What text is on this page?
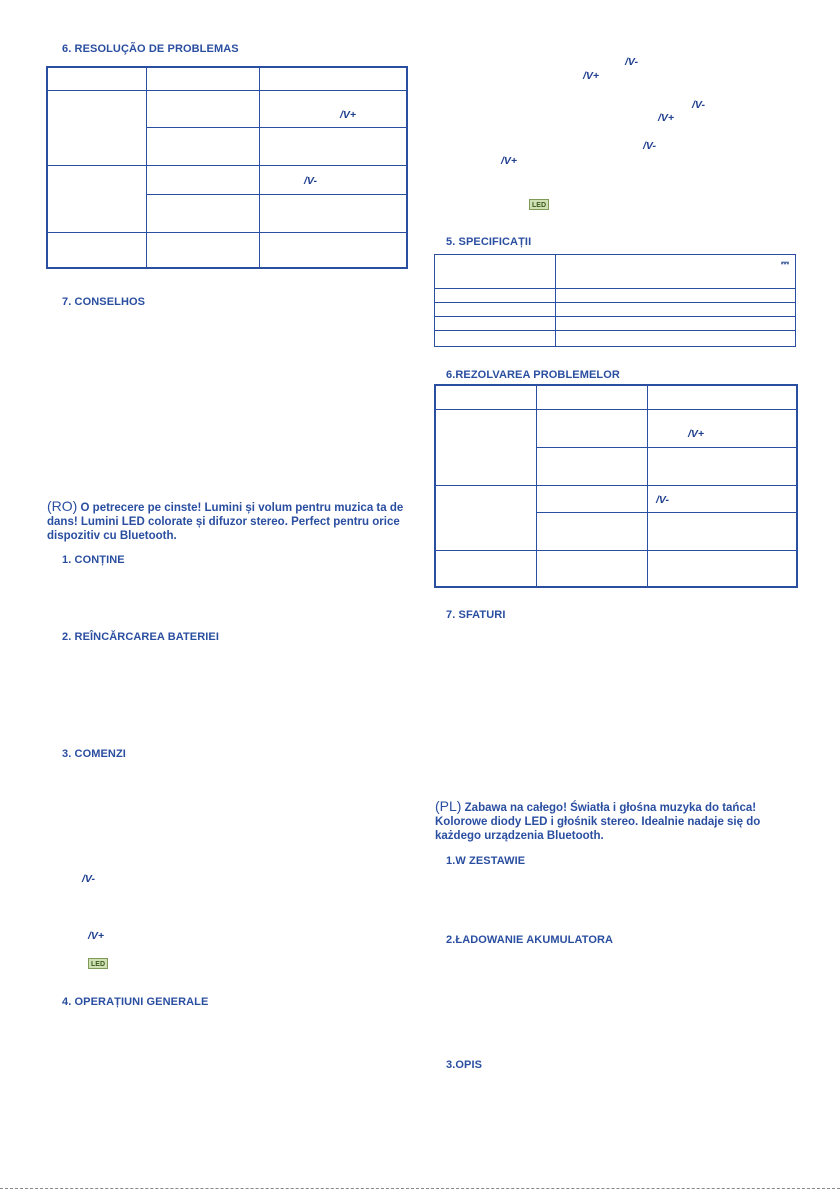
6. RESOLUÇÃO DE PROBLEMAS

		/V+

		/V-

7. CONSELHOS
(RO) O petrecere pe cinste! Lumini și volum pentru muzica ta de dans! Lumini LED colorate și difuzor stereo. Perfect pentru orice dispozitiv cu Bluetooth.
1. CONȚINE
2. REÎNCĂRCAREA BATERIEI
3. COMENZI
/V-
/V+
LED
4. OPERAȚIUNI GENERALE
/V-
/V+
/V-
/V+
/V-
/V+
LED
5. SPECIFICAȚII

	⎓

6.REZOLVAREA PROBLEMELOR

		/V+

		/V-

7. SFATURI
(PL) Zabawa na całego! Światła i głośna muzyka do tańca! Kolorowe diody LED i głośnik stereo. Idealnie nadaje się do każdego urządzenia Bluetooth.
1.W ZESTAWIE
2.ŁADOWANIE AKUMULATORA
3.OPIS
